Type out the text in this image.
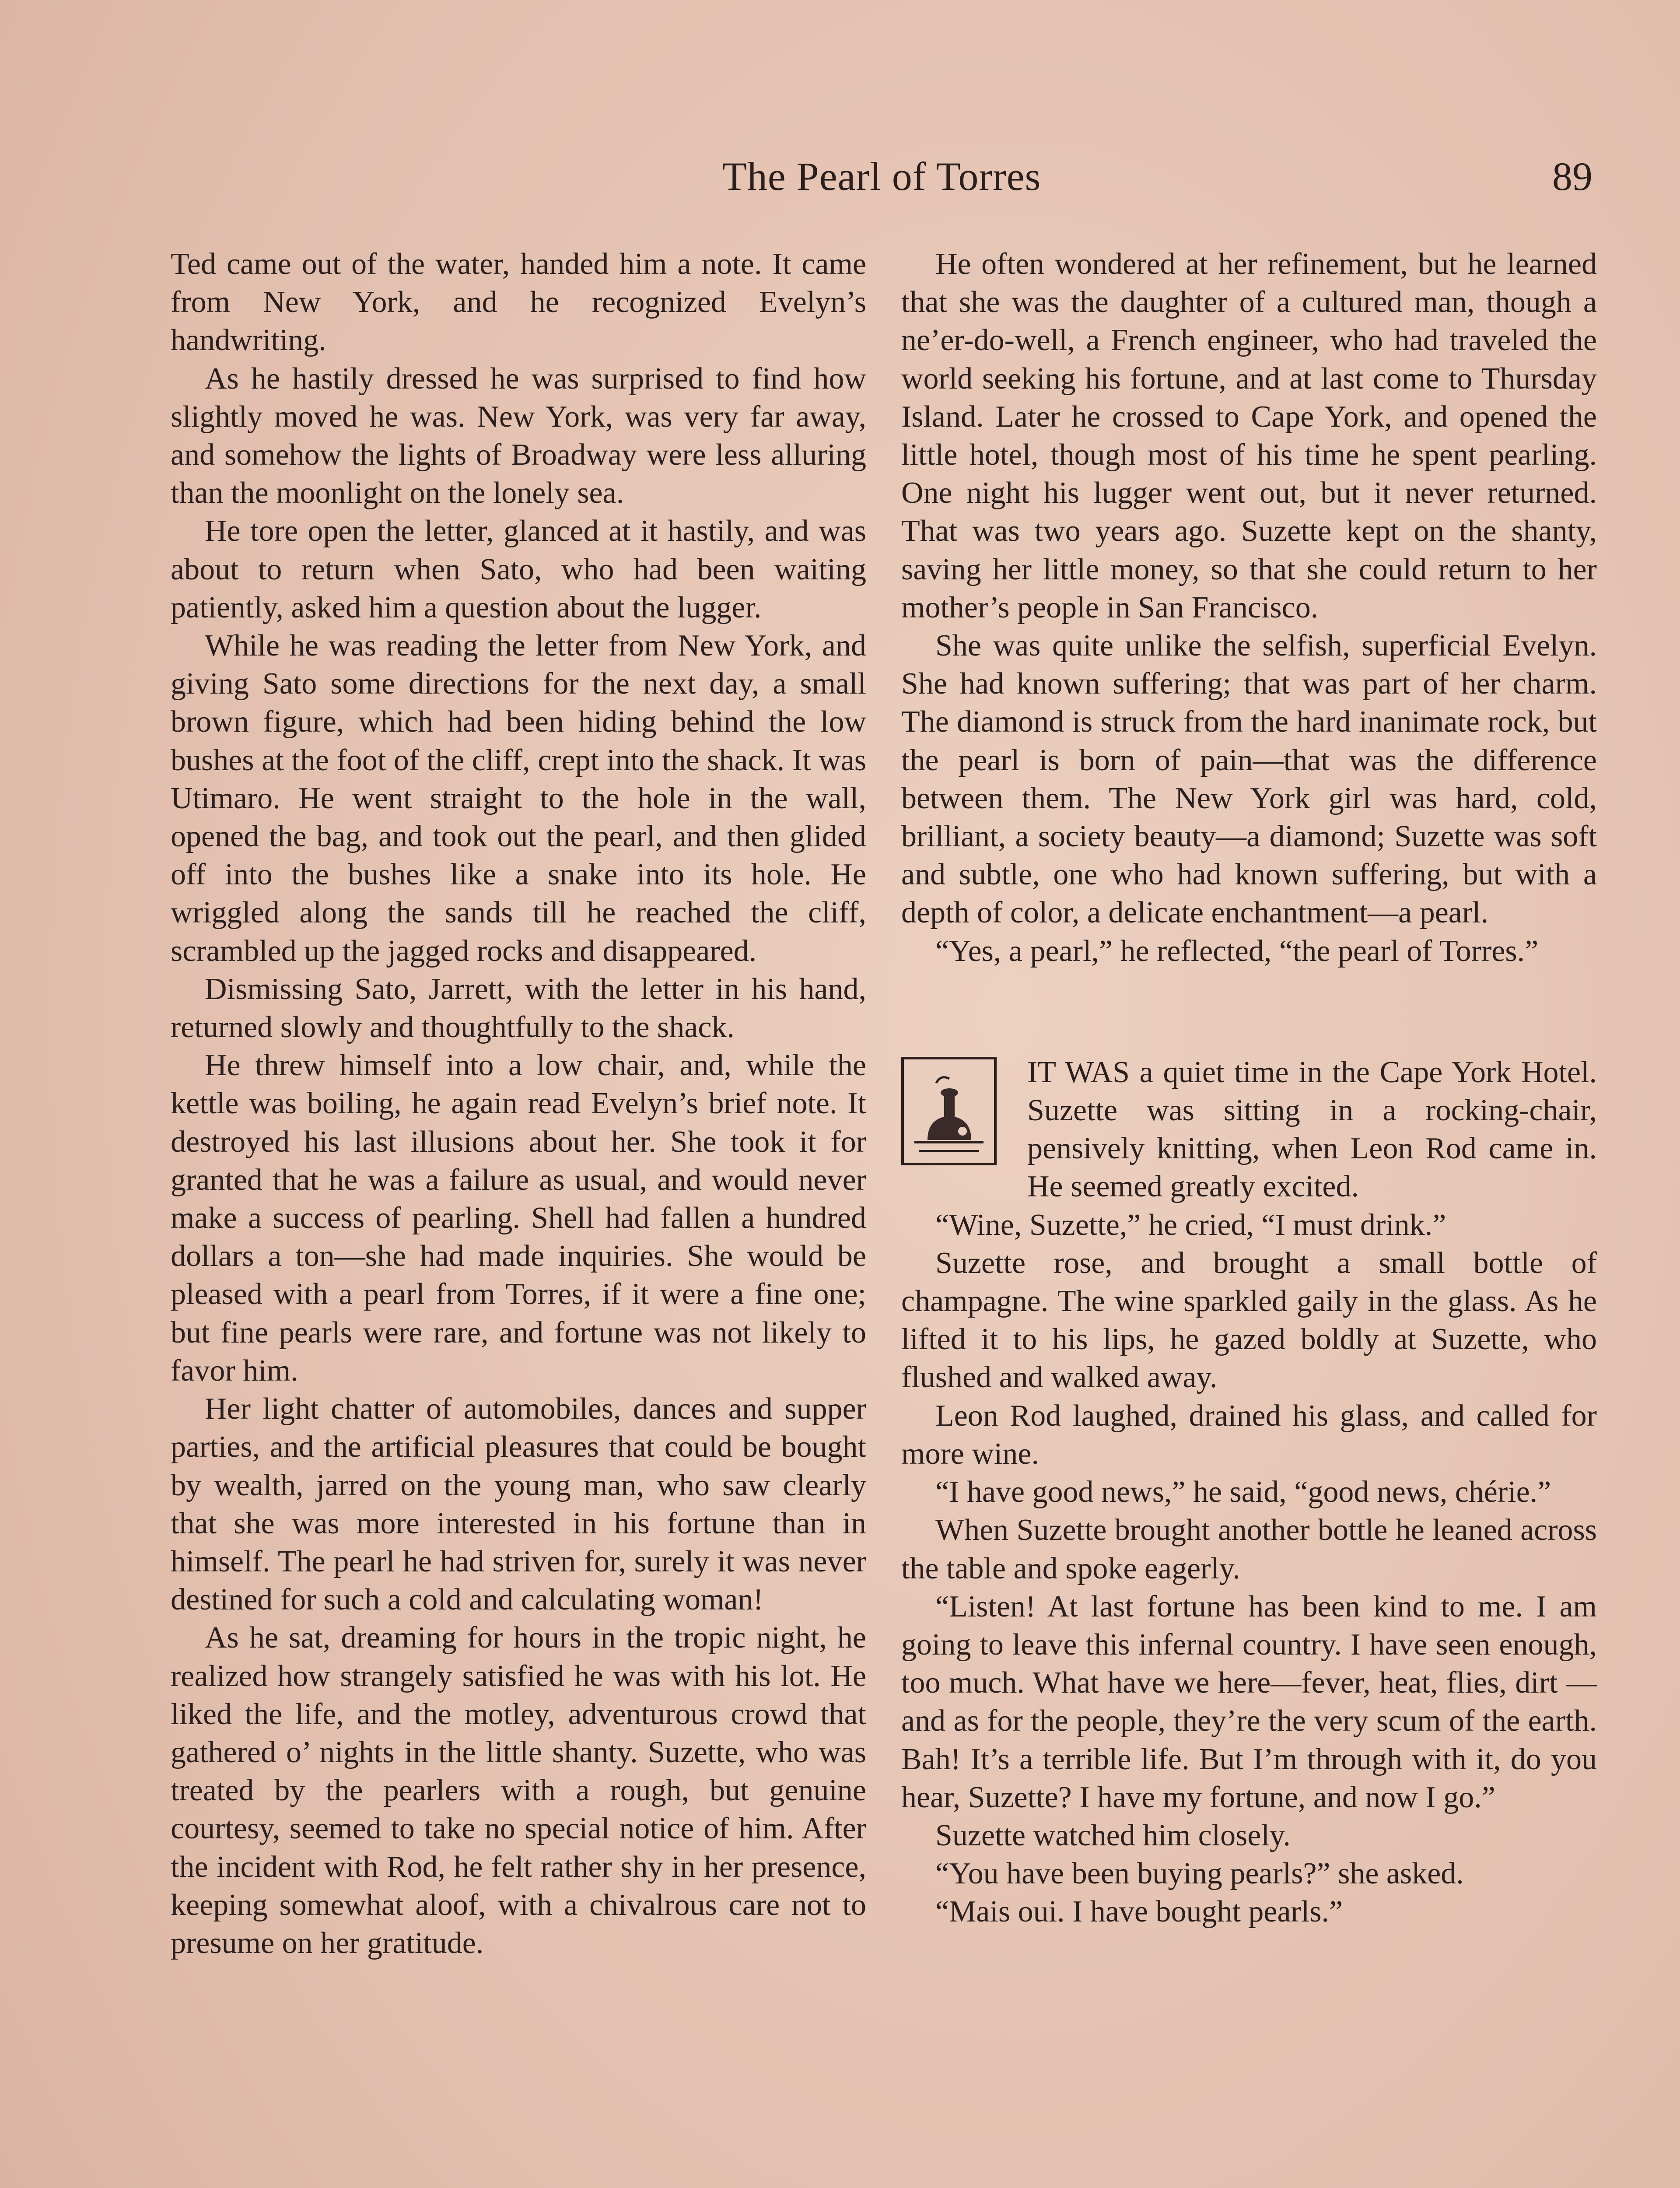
The Pearl of Torres	89

Ted came out of the water, handed him a note. It came from New York, and he recognized Evelyn’s handwriting.

As he hastily dressed he was surprised to find how slightly moved he was. New York, was very far away, and somehow the lights of Broadway were less alluring than the moonlight on the lonely sea.

He tore open the letter, glanced at it hastily, and was about to return when Sato, who had been waiting patiently, asked him a question about the lugger.

While he was reading the letter from New York, and giving Sato some directions for the next day, a small brown figure, which had been hiding behind the low bushes at the foot of the cliff, crept into the shack. It was Utimaro. He went straight to the hole in the wall, opened the bag, and took out the pearl, and then glided off into the bushes like a snake into its hole. He wriggled along the sands till he reached the cliff, scrambled up the jagged rocks and disappeared.

Dismissing Sato, Jarrett, with the letter in his hand, returned slowly and thoughtfully to the shack.

He threw himself into a low chair, and, while the kettle was boiling, he again read Evelyn’s brief note. It destroyed his last illusions about her. She took it for granted that he was a failure as usual, and would never make a success of pearling. Shell had fallen a hundred dollars a ton—she had made inquiries. She would be pleased with a pearl from Torres, if it were a fine one; but fine pearls were rare, and fortune was not likely to favor him.

Her light chatter of automobiles, dances and supper parties, and the artificial pleasures that could be bought by wealth, jarred on the young man, who saw clearly that she was more interested in his fortune than in himself. The pearl he had striven for, surely it was never destined for such a cold and calculating woman!

As he sat, dreaming for hours in the tropic night, he realized how strangely satisfied he was with his lot. He liked the life, and the motley, adventurous crowd that gathered o’ nights in the little shanty. Suzette, who was treated by the pearlers with a rough, but genuine courtesy, seemed to take no special notice of him. After the incident with Rod, he felt rather shy in her presence, keeping somewhat aloof, with a chivalrous care not to presume on her gratitude.

He often wondered at her refinement, but he learned that she was the daughter of a cultured man, though a ne’er-do-well, a French engineer, who had traveled the world seeking his fortune, and at last come to Thursday Island. Later he crossed to Cape York, and opened the little hotel, though most of his time he spent pearling. One night his lugger went out, but it never returned. That was two years ago. Suzette kept on the shanty, saving her little money, so that she could return to her mother’s people in San Francisco.

She was quite unlike the selfish, superficial Evelyn. She had known suffering; that was part of her charm. The diamond is struck from the hard inanimate rock, but the pearl is born of pain—that was the difference between them. The New York girl was hard, cold, brilliant, a society beauty—a diamond; Suzette was soft and subtle, one who had known suffering, but with a depth of color, a delicate enchantment—a pearl.

“Yes, a pearl,” he reflected, “the pearl of Torres.”

IT WAS a quiet time in the Cape York Hotel. Suzette was sitting in a rocking-chair, pensively knitting, when Leon Rod came in. He seemed greatly excited.

“Wine, Suzette,” he cried, “I must drink.”

Suzette rose, and brought a small bottle of champagne. The wine sparkled gaily in the glass. As he lifted it to his lips, he gazed boldly at Suzette, who flushed and walked away.

Leon Rod laughed, drained his glass, and called for more wine.

“I have good news,” he said, “good news, chérie.”

When Suzette brought another bottle he leaned across the table and spoke eagerly.

“Listen! At last fortune has been kind to me. I am going to leave this infernal country. I have seen enough, too much. What have we here—fever, heat, flies, dirt —and as for the people, they’re the very scum of the earth. Bah! It’s a terrible life. But I’m through with it, do you hear, Suzette? I have my fortune, and now I go.”

Suzette watched him closely.

“You have been buying pearls?” she asked.

“Mais oui. I have bought pearls.”
